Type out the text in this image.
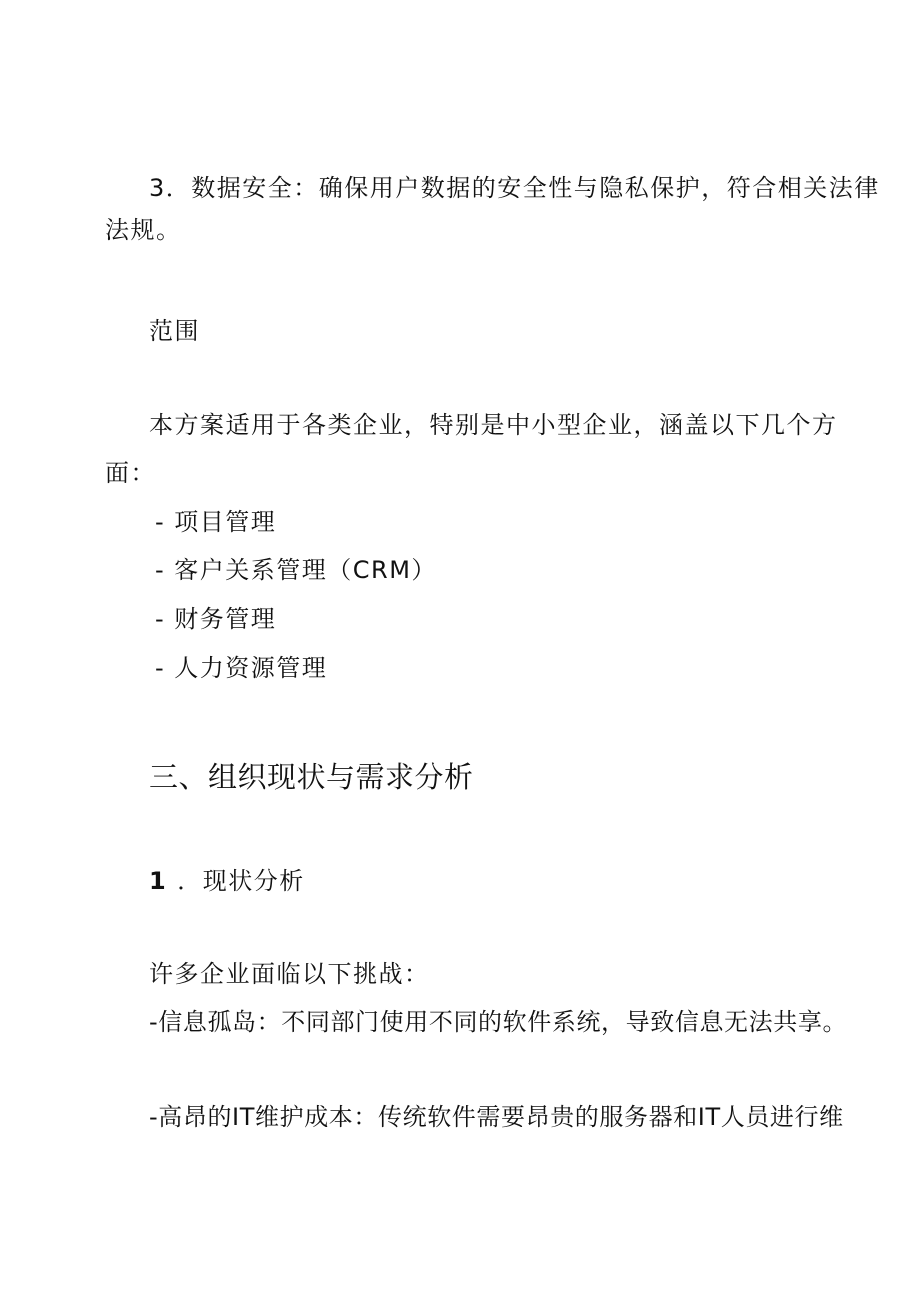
3．数据安全：确保用户数据的安全性与隐私保护，符合相关法律
法规。
范围
本方案适用于各类企业，特别是中小型企业，涵盖以下几个方
面：
- 项目管理
- 客户关系管理（CRM）
- 财务管理
- 人力资源管理
三、组织现状与需求分析
1 ．现状分析
许多企业面临以下挑战：
-信息孤岛：不同部门使用不同的软件系统，导致信息无法共享。
-高昂的IT维护成本：传统软件需要昂贵的服务器和IT人员进行维
